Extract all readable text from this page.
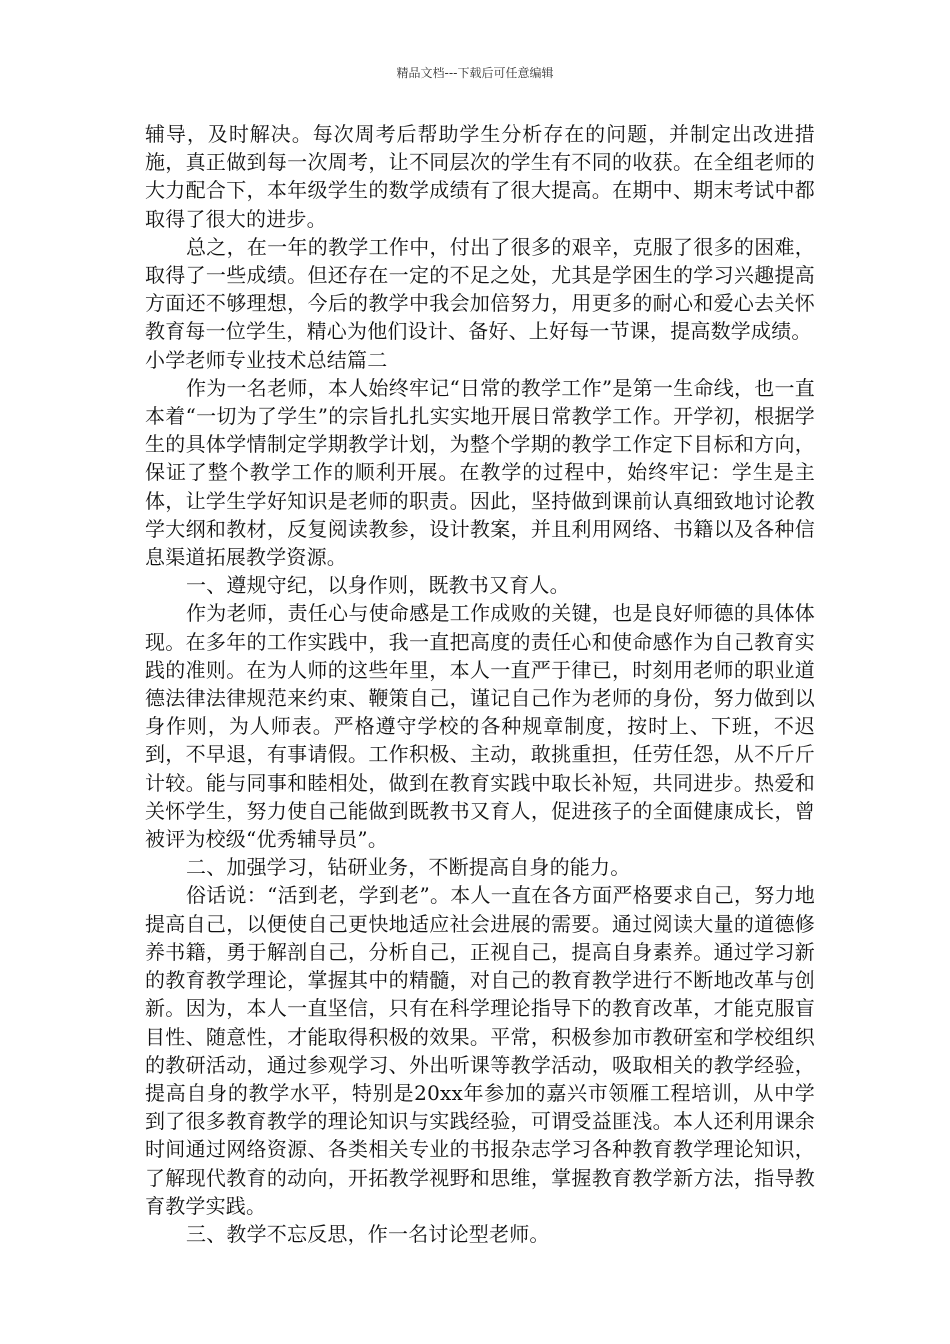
精品文档---下载后可任意编辑

辅导，及时解决。每次周考后帮助学生分析存在的问题，并制定出改进措施，真正做到每一次周考，让不同层次的学生有不同的收获。在全组老师的大力配合下，本年级学生的数学成绩有了很大提高。在期中、期末考试中都取得了很大的进步。

总之，在一年的教学工作中，付出了很多的艰辛，克服了很多的困难，取得了一些成绩。但还存在一定的不足之处，尤其是学困生的学习兴趣提高方面还不够理想，今后的教学中我会加倍努力，用更多的耐心和爱心去关怀教育每一位学生，精心为他们设计、备好、上好每一节课，提高数学成绩。

小学老师专业技术总结篇二

作为一名老师，本人始终牢记“日常的教学工作”是第一生命线，也一直本着“一切为了学生”的宗旨扎扎实实地开展日常教学工作。开学初，根据学生的具体学情制定学期教学计划，为整个学期的教学工作定下目标和方向，保证了整个教学工作的顺利开展。在教学的过程中，始终牢记：学生是主体，让学生学好知识是老师的职责。因此，坚持做到课前认真细致地讨论教学大纲和教材，反复阅读教参，设计教案，并且利用网络、书籍以及各种信息渠道拓展教学资源。

一、遵规守纪，以身作则，既教书又育人。

作为老师，责任心与使命感是工作成败的关键，也是良好师德的具体体现。在多年的工作实践中，我一直把高度的责任心和使命感作为自己教育实践的准则。在为人师的这些年里，本人一直严于律已，时刻用老师的职业道德法律法律规范来约束、鞭策自己，谨记自己作为老师的身份，努力做到以身作则，为人师表。严格遵守学校的各种规章制度，按时上、下班，不迟到，不早退，有事请假。工作积极、主动，敢挑重担，任劳任怨，从不斤斤计较。能与同事和睦相处，做到在教育实践中取长补短，共同进步。热爱和关怀学生，努力使自己能做到既教书又育人，促进孩子的全面健康成长，曾被评为校级“优秀辅导员”。

二、加强学习，钻研业务，不断提高自身的能力。

俗话说：“活到老，学到老”。本人一直在各方面严格要求自己，努力地提高自己，以便使自己更快地适应社会进展的需要。通过阅读大量的道德修养书籍，勇于解剖自己，分析自己，正视自己，提高自身素养。通过学习新的教育教学理论，掌握其中的精髓，对自己的教育教学进行不断地改革与创新。因为，本人一直坚信，只有在科学理论指导下的教育改革，才能克服盲目性、随意性，才能取得积极的效果。平常，积极参加市教研室和学校组织的教研活动，通过参观学习、外出听课等教学活动，吸取相关的教学经验，提高自身的教学水平，特别是20xx年参加的嘉兴市领雁工程培训，从中学到了很多教育教学的理论知识与实践经验，可谓受益匪浅。本人还利用课余时间通过网络资源、各类相关专业的书报杂志学习各种教育教学理论知识，了解现代教育的动向，开拓教学视野和思维，掌握教育教学新方法，指导教育教学实践。

三、教学不忘反思，作一名讨论型老师。
